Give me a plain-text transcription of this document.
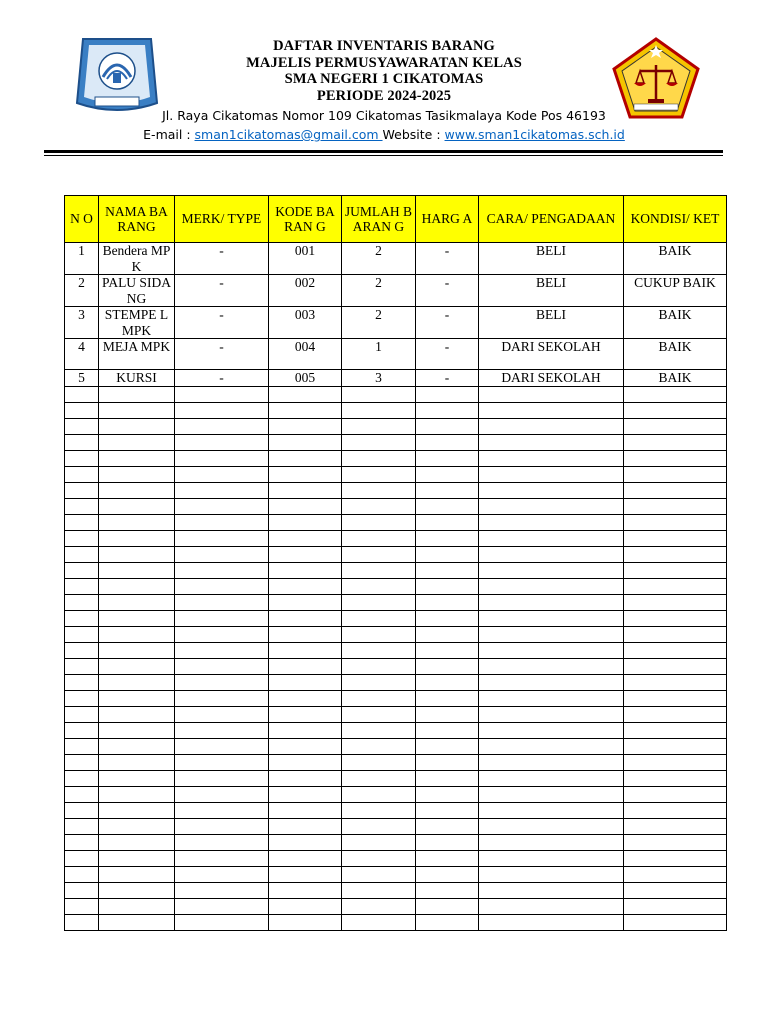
DAFTAR INVENTARIS BARANG
MAJELIS PERMUSYAWARATAN KELAS
SMA NEGERI 1 CIKATOMAS
PERIODE 2024-2025
Jl. Raya Cikatomas Nomor 109 Cikatomas Tasikmalaya Kode Pos 46193
E-mail : sman1cikatomas@gmail.com Website : www.sman1cikatomas.sch.id
N O	NAMA BARANG	MERK/ TYPE	KODE BARAN G	JUMLAH BARAN G	HARG A	CARA/ PENGADAAN	KONDISI/ KET
1	Bendera MPK	-	001	2	-	BELI	BAIK
2	PALU SIDANG	-	002	2	-	BELI	CUKUP BAIK
3	STEMPE L MPK	-	003	2	-	BELI	BAIK
4	MEJA MPK	-	004	1	-	DARI SEKOLAH	BAIK
5	KURSI	-	005	3	-	DARI SEKOLAH	BAIK
